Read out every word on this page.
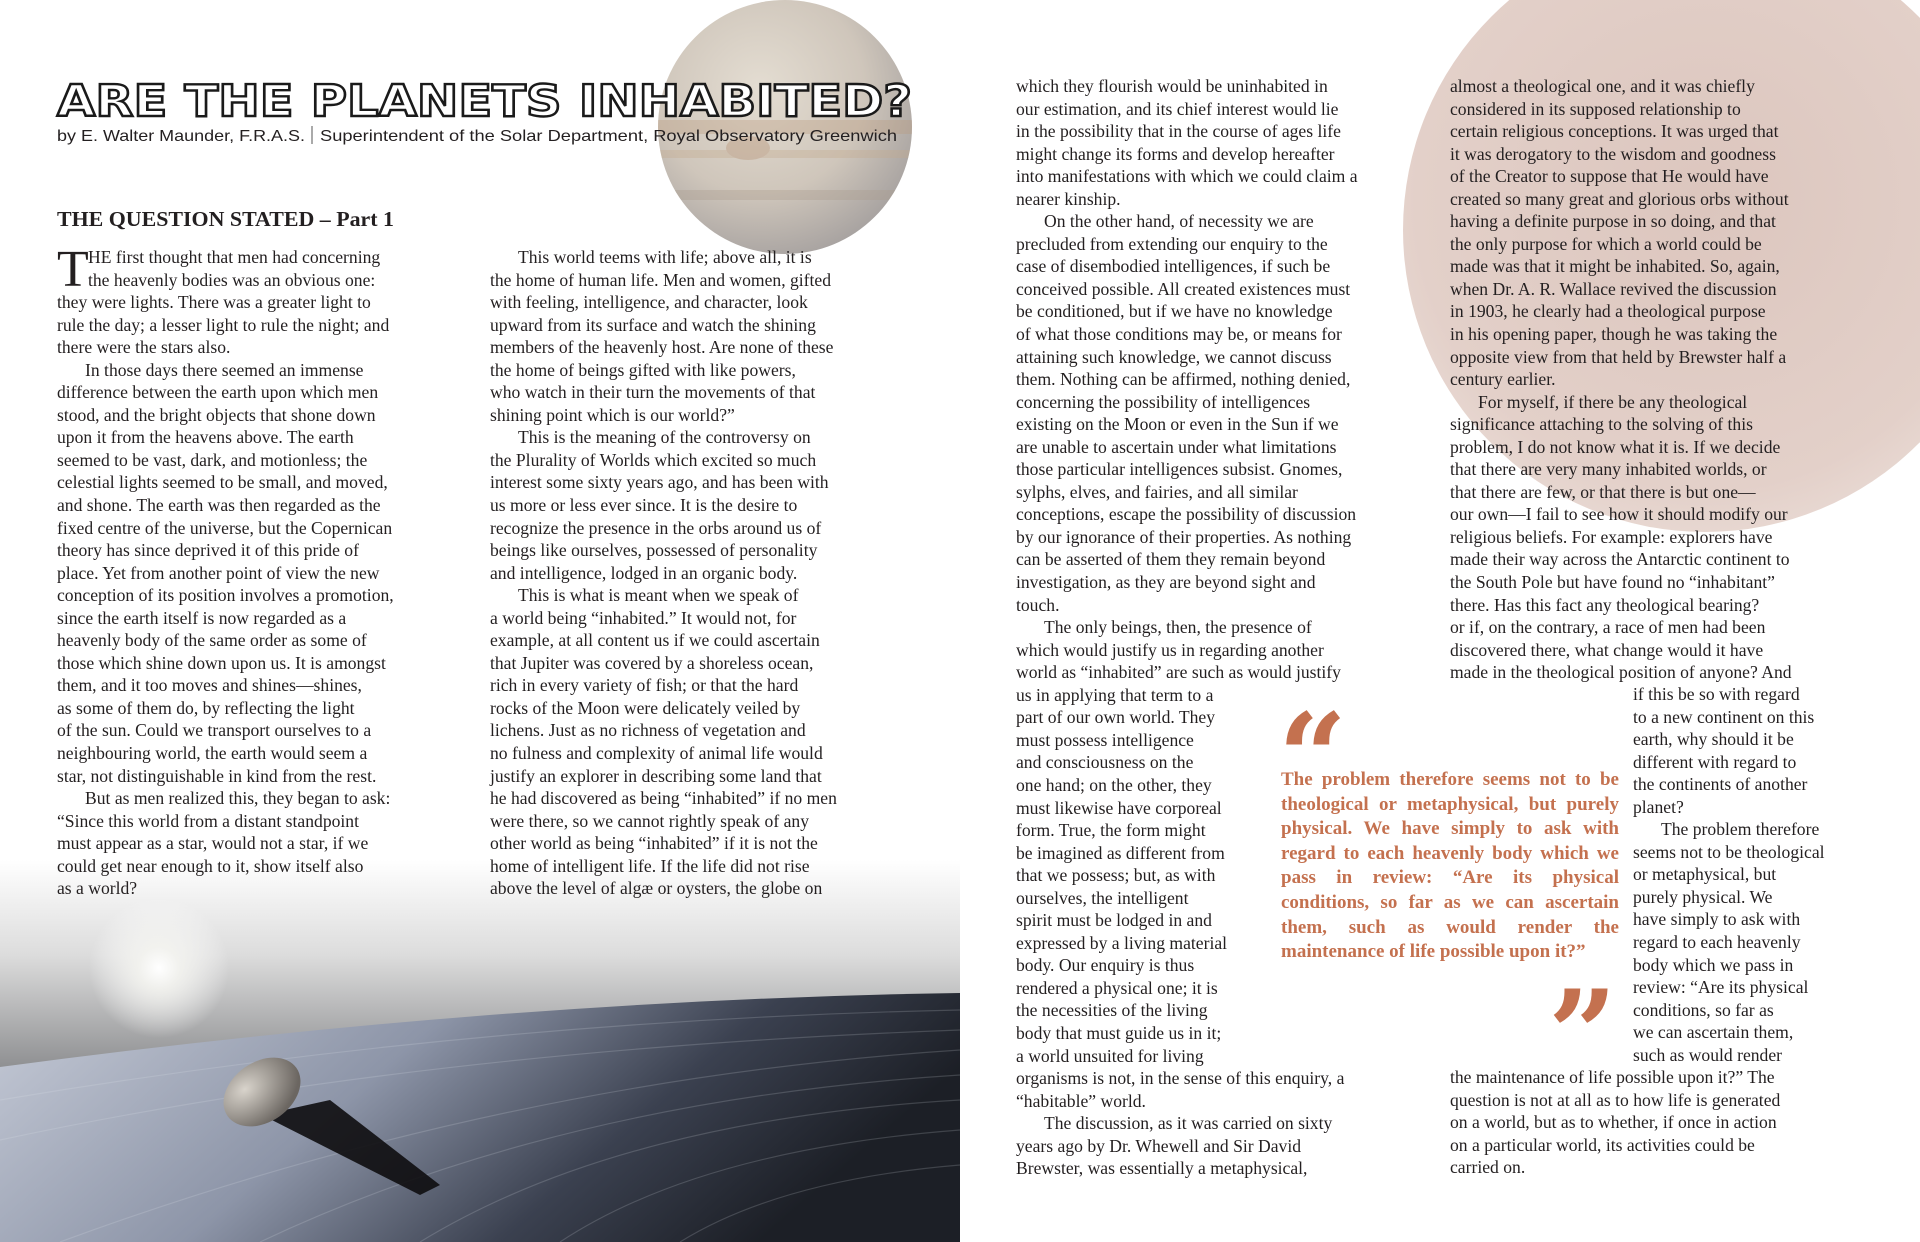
ARE THE PLANETS INHABITED?
by E. Walter Maunder, F.R.A.S. Superintendent of the Solar Department, Royal Observatory Greenwich
THE QUESTION STATED – Part 1
T HE first thought that men had concerning
the heavenly bodies was an obvious one:
they were lights. There was a greater light to
rule the day; a lesser light to rule the night; and
there were the stars also.
In those days there seemed an immense
difference between the earth upon which men
stood, and the bright objects that shone down
upon it from the heavens above. The earth
seemed to be vast, dark, and motionless; the
celestial lights seemed to be small, and moved,
and shone. The earth was then regarded as the
fixed centre of the universe, but the Copernican
theory has since deprived it of this pride of
place. Yet from another point of view the new
conception of its position involves a promotion,
since the earth itself is now regarded as a
heavenly body of the same order as some of
those which shine down upon us. It is amongst
them, and it too moves and shines—shines,
as some of them do, by reflecting the light
of the sun. Could we transport ourselves to a
neighbouring world, the earth would seem a
star, not distinguishable in kind from the rest.
But as men realized this, they began to ask:
“Since this world from a distant standpoint
must appear as a star, would not a star, if we
could get near enough to it, show itself also
as a world?
This world teems with life; above all, it is
the home of human life. Men and women, gifted
with feeling, intelligence, and character, look
upward from its surface and watch the shining
members of the heavenly host. Are none of these
the home of beings gifted with like powers,
who watch in their turn the movements of that
shining point which is our world?”
This is the meaning of the controversy on
the Plurality of Worlds which excited so much
interest some sixty years ago, and has been with
us more or less ever since. It is the desire to
recognize the presence in the orbs around us of
beings like ourselves, possessed of personality
and intelligence, lodged in an organic body.
This is what is meant when we speak of
a world being “inhabited.” It would not, for
example, at all content us if we could ascertain
that Jupiter was covered by a shoreless ocean,
rich in every variety of fish; or that the hard
rocks of the Moon were delicately veiled by
lichens. Just as no richness of vegetation and
no fulness and complexity of animal life would
justify an explorer in describing some land that
he had discovered as being “inhabited” if no men
were there, so we cannot rightly speak of any
other world as being “inhabited” if it is not the
home of intelligent life. If the life did not rise
above the level of algæ or oysters, the globe on
which they flourish would be uninhabited in
our estimation, and its chief interest would lie
in the possibility that in the course of ages life
might change its forms and develop hereafter
into manifestations with which we could claim a
nearer kinship.
On the other hand, of necessity we are
precluded from extending our enquiry to the
case of disembodied intelligences, if such be
conceived possible. All created existences must
be conditioned, but if we have no knowledge
of what those conditions may be, or means for
attaining such knowledge, we cannot discuss
them. Nothing can be affirmed, nothing denied,
concerning the possibility of intelligences
existing on the Moon or even in the Sun if we
are unable to ascertain under what limitations
those particular intelligences subsist. Gnomes,
sylphs, elves, and fairies, and all similar
conceptions, escape the possibility of discussion
by our ignorance of their properties. As nothing
can be asserted of them they remain beyond
investigation, as they are beyond sight and
touch.
The only beings, then, the presence of
which would justify us in regarding another
world as “inhabited” are such as would justify
us in applying that term to a
part of our own world. They
must possess intelligence
and consciousness on the
one hand; on the other, they
must likewise have corporeal
form. True, the form might
be imagined as different from
that we possess; but, as with
ourselves, the intelligent
spirit must be lodged in and
expressed by a living material
body. Our enquiry is thus
rendered a physical one; it is
the necessities of the living
body that must guide us in it;
a world unsuited for living
organisms is not, in the sense of this enquiry, a
“habitable” world.
The discussion, as it was carried on sixty
years ago by Dr. Whewell and Sir David
Brewster, was essentially a metaphysical,
almost a theological one, and it was chiefly
considered in its supposed relationship to
certain religious conceptions. It was urged that
it was derogatory to the wisdom and goodness
of the Creator to suppose that He would have
created so many great and glorious orbs without
having a definite purpose in so doing, and that
the only purpose for which a world could be
made was that it might be inhabited. So, again,
when Dr. A. R. Wallace revived the discussion
in 1903, he clearly had a theological purpose
in his opening paper, though he was taking the
opposite view from that held by Brewster half a
century earlier.
For myself, if there be any theological
significance attaching to the solving of this
problem, I do not know what it is. If we decide
that there are very many inhabited worlds, or
that there are few, or that there is but one—
our own—I fail to see how it should modify our
religious beliefs. For example: explorers have
made their way across the Antarctic continent to
the South Pole but have found no “inhabitant”
there. Has this fact any theological bearing?
or if, on the contrary, a race of men had been
discovered there, what change would it have
made in the theological position of anyone? And
if this be so with regard
to a new continent on this
earth, why should it be
different with regard to
the continents of another
planet?
The problem therefore
seems not to be theological
or metaphysical, but
purely physical. We
have simply to ask with
regard to each heavenly
body which we pass in
review: “Are its physical
conditions, so far as
we can ascertain them,
such as would render
the maintenance of life possible upon it?” The
question is not at all as to how life is generated
on a world, but as to whether, if once in action
on a particular world, its activities could be
carried on.
“
The problem therefore seems not to be theological or metaphysical, but purely physical. We have simply to ask with regard to each heavenly body which we pass in review: “Are its physical conditions, so far as we can ascertain them, such as would render the maintenance of life possible upon it?”
”
